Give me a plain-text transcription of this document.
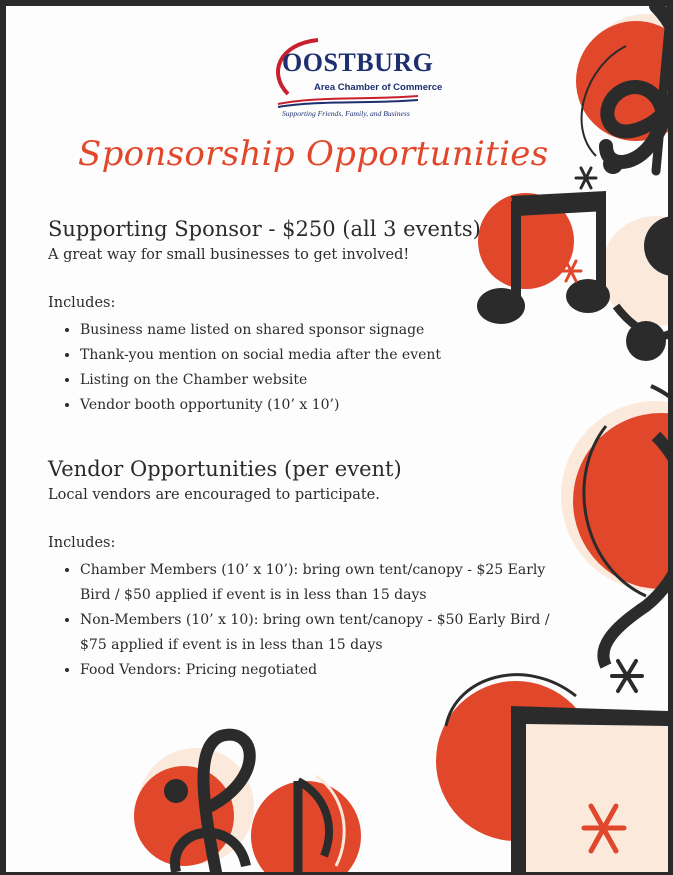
OOSTBURG
Area Chamber of Commerce
Supporting Friends, Family, and Business
Sponsorship Opportunities
Supporting Sponsor - $250 (all 3 events)

A great way for small businesses to get involved!

Includes:

• Business name listed on shared sponsor signage
• Thank-you mention on social media after the event
• Listing on the Chamber website
• Vendor booth opportunity (10’ x 10’)
Vendor Opportunities (per event)

Local vendors are encouraged to participate.

Includes:

• Chamber Members (10’ x 10’): bring own tent/canopy - $25 Early Bird / $50 applied if event is in less than 15 days
• Non-Members (10’ x 10): bring own tent/canopy - $50 Early Bird / $75 applied if event is in less than 15 days
• Food Vendors: Pricing negotiated
